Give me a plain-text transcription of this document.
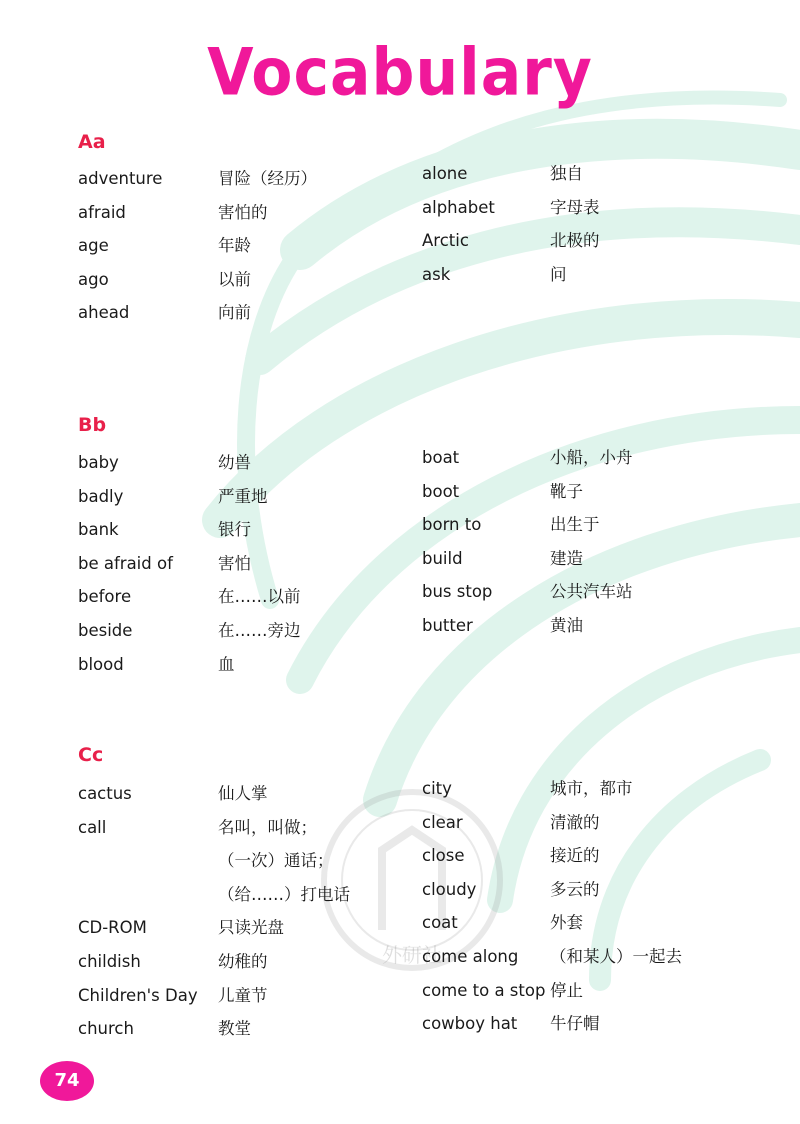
外研社
Vocabulary
Aa
adventure	冒险（经历）
afraid	害怕的
age	年龄
ago	以前
ahead	向前
alone	独自
alphabet	字母表
Arctic	北极的
ask	问
Bb
baby	幼兽
badly	严重地
bank	银行
be afraid of	害怕
before	在……以前
beside	在……旁边
blood	血
boat	小船，小舟
boot	靴子
born to	出生于
build	建造
bus stop	公共汽车站
butter	黄油
Cc
cactus	仙人掌
call	名叫，叫做；
（一次）通话；
（给……）打电话
CD-ROM	只读光盘
childish	幼稚的
Children's Day 儿童节
church	教堂
city	城市，都市
clear	清澈的
close	接近的
cloudy	多云的
coat	外套
come along （和某人）一起去
come to a stop 停止
cowboy hat 牛仔帽
74
